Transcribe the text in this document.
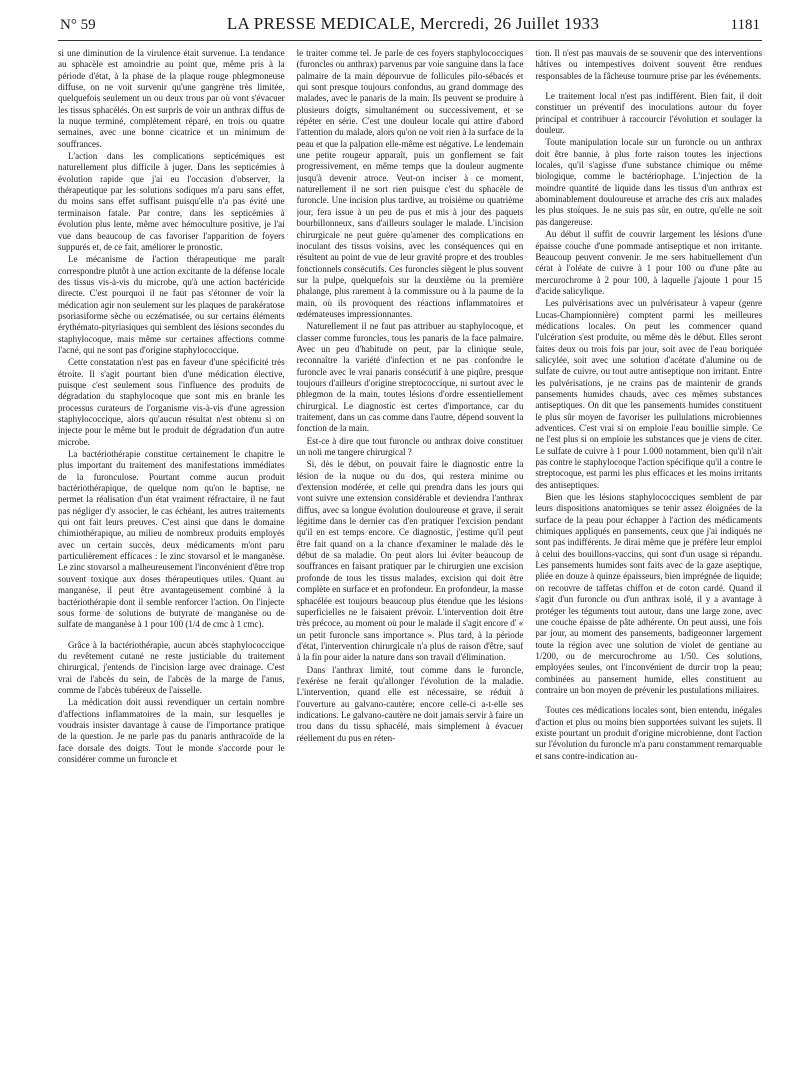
N° 59	LA PRESSE MEDICALE, Mercredi, 26 Juillet 1933	1181

si une diminution de la virulence était survenue. La tendance au sphacèle est amoindrie au point que, même pris à la période d'état, à la phase de la plaque rouge phlegmoneuse diffuse, on ne voit survenir qu'une gangrène très limitée, quelquefois seulement un ou deux trous par où vont s'évacuer les tissus sphacélés. On est surpris de voir un anthrax diffus de la nuque terminé, complètement réparé, en trois ou quatre semaines, avec une bonne cicatrice et un minimum de souffrances.

L'action dans les complications septicémiques est naturellement plus difficile à juger. Dans les septicémies à évolution rapide que j'ai eu l'occasion d'observer, la thérapeutique par les solutions sodiques m'a paru sans effet, du moins sans effet suffisant puisqu'elle n'a pas évité une terminaison fatale. Par contre, dans les septicémies à évolution plus lente, même avec hémoculture positive, je l'ai vue dans beaucoup de cas favoriser l'apparition de foyers suppurés et, de ce fait, améliorer le pronostic.

Le mécanisme de l'action thérapeutique me paraît correspondre plutôt à une action excitante de la défense locale des tissus vis-à-vis du microbe, qu'à une action bactéricide directe. C'est pourquoi il ne faut pas s'étonner de voir la médication agir non seulement sur les plaques de parakératose psoriasiforme sèche ou eczématisée, ou sur certains éléments érythémato-pityriasiques qui semblent des lésions secondes du staphylocoque, mais même sur certaines affections comme l'acné, qui ne sont pas d'origine staphylococcique.

Cette constatation n'est pas en faveur d'une spécificité très étroite. Il s'agit pourtant bien d'une médication élective, puisque c'est seulement sous l'influence des produits de dégradation du staphylocoque que sont mis en branle les processus curateurs de l'organisme vis-à-vis d'une agression staphylococcique, alors qu'aucun résultat n'est obtenu si on injecte pour le même but le produit de dégradation d'un autre microbe.

La bactériothérapie constitue certainement le chapitre le plus important du traitement des manifestations immédiates de la furonculose. Pourtant comme aucun produit bactériothérapique, de quelque nom qu'on le baptise, ne permet la réalisation d'un état vraiment réfractaire, il ne faut pas négliger d'y associer, le cas échéant, les autres traitements qui ont fait leurs preuves. C'est ainsi que dans le domaine chimiothérapique, au milieu de nombreux produits employés avec un certain succès, deux médicaments m'ont paru particulièrement efficaces : le zinc stovarsol et le manganèse. Le zinc stovarsol a malheureusement l'inconvénient d'être trop souvent toxique aux doses thérapeutiques utiles. Quant au manganèse, il peut être avantageusement combiné à la bactériothérapie dont il semble renforcer l'action. On l'injecte sous forme de solutions de butyrate de manganèse ou de sulfate de manganèse à 1 pour 100 (1/4 de cmc à 1 cmc).

Grâce à la bactériothérapie, aucun abcès staphylococcique du revêtement cutané ne reste justiciable du traitement chirurgical, j'entends de l'incision large avec drainage. C'est vrai de l'abcès du sein, de l'abcès de la marge de l'anus, comme de l'abcès tubéreux de l'aisselle.

La médication doit aussi revendiquer un certain nombre d'affections inflammatoires de la main, sur lesquelles je voudrais insister davantage à cause de l'importance pratique de la question. Je ne parle pas du panaris anthracoïde de la face dorsale des doigts. Tout le monde s'accorde pour le considérer comme un furoncle et

le traiter comme tel. Je parle de ces foyers staphylococciques (furoncles ou anthrax) parvenus par voie sanguine dans la face palmaire de la main dépourvue de follicules pilo-sébacés et qui sont presque toujours confondus, au grand dommage des malades, avec le panaris de la main. Ils peuvent se produire à plusieurs doigts, simultanément ou successivement, et se répéter en série. C'est une douleur locale qui attire d'abord l'attention du malade, alors qu'on ne voit rien à la surface de la peau et que la palpation elle-même est négative. Le lendemain une petite rougeur apparaît, puis un gonflement se fait progressivement, en même temps que la douleur augmente jusqu'à devenir atroce. Veut-on inciser à ce moment, naturellement il ne sort rien puisque c'est du sphacèle de furoncle. Une incision plus tardive, au troisième ou quatrième jour, fera issue à un peu de pus et mis à jour des paquets bourbillonneux, sans d'ailleurs soulager le malade. L'incision chirurgicale ne peut guère qu'amener des complications en inoculant des tissus voisins, avec les conséquences qui en résultent au point de vue de leur gravité propre et des troubles fonctionnels consécutifs. Ces furoncles siègent le plus souvent sur la pulpe, quelquefois sur la deuxième ou la première phalange, plus rarement à la commissure ou à la paume de la main, où ils provoquent des réactions inflammatoires et œdémateuses impressionnantes.

Naturellement il ne faut pas attribuer au staphylocoque, et classer comme furoncles, tous les panaris de la face palmaire. Avec un peu d'habitude on peut, par la clinique seule, reconnaître la variété d'infection et ne pas confondre le furoncle avec le vrai panaris consécutif à une piqûre, presque toujours d'ailleurs d'origine streptococcique, ni surtout avec le phlegmon de la main, toutes lésions d'ordre essentiellement chirurgical. Le diagnostic est certes d'importance, car du traitement, dans un cas comme dans l'autre, dépend souvent la fonction de la main.

Est-ce à dire que tout furoncle ou anthrax doive constituer un noli me tangere chirurgical ?

Si, dès le début, on pouvait faire le diagnostic entre la lésion de la nuque ou du dos, qui restera minime ou d'extension modérée, et celle qui prendra dans les jours qui vont suivre une extension considérable et deviendra l'anthrax diffus, avec sa longue évolution douloureuse et grave, il serait légitime dans le dernier cas d'en pratiquer l'excision pendant qu'il en est temps encore. Ce diagnostic, j'estime qu'il peut être fait quand on a la chance d'examiner le malade dès le début de sa maladie. On peut alors lui éviter beaucoup de souffrances en faisant pratiquer par le chirurgien une excision profonde de tous les tissus malades, excision qui doit être complète en surface et en profondeur. En profondeur, la masse sphacélée est toujours beaucoup plus étendue que les lésions superficielles ne le faisaient prévoir. L'intervention doit être très précoce, au moment où pour le malade il s'agit encore d' « un petit furoncle sans importance ». Plus tard, à la période d'état, l'intervention chirurgicale n'a plus de raison d'être, sauf à la fin pour aider la nature dans son travail d'élimination.

Dans l'anthrax limité, tout comme dans le furoncle, l'exérèse ne ferait qu'allonger l'évolution de la maladie. L'intervention, quand elle est nécessaire, se réduit à l'ouverture au galvano-cautère; encore celle-ci a-t-elle ses indications. Le galvano-cautère ne doit jamais servir à faire un trou dans du tissu sphacélé, mais simplement à évacuer réellement du pus en réten-

tion. Il n'est pas mauvais de se souvenir que des interventions hâtives ou intempestives doivent souvent être rendues responsables de la fâcheuse tournure prise par les événements.

Le traitement local n'est pas indifférent. Bien fait, il doit constituer un préventif des inoculations autour du foyer principal et contribuer à raccourcir l'évolution et soulager la douleur.

Toute manipulation locale sur un furoncle ou un anthrax doit être bannie, à plus forte raison toutes les injections locales, qu'il s'agisse d'une substance chimique ou même biologique, comme le bactériophage. L'injection de la moindre quantité de liquide dans les tissus d'un anthrax est abominablement douloureuse et arrache des cris aux malades les plus stoïques. Je ne suis pas sûr, en outre, qu'elle ne soit pas dangereuse.

Au début il suffit de couvrir largement les lésions d'une épaisse couche d'une pommade antiseptique et non irritante. Beaucoup peuvent convenir. Je me sers habituellement d'un cérat à l'oléate de cuivre à 1 pour 100 ou d'une pâte au mercurochrome à 2 pour 100, à laquelle j'ajoute 1 pour 15 d'acide salicylique.

Les pulvérisations avec un pulvérisateur à vapeur (genre Lucas-Championnière) comptent parmi les meilleures médications locales. On peut les commencer quand l'ulcération s'est produite, ou même dès le début. Elles seront faites deux ou trois fois par jour, soit avec de l'eau boriquée salicylée, soit avec une solution d'acétate d'alumine ou de sulfate de cuivre, ou tout autre antiseptique non irritant. Entre les pulvérisations, je ne crains pas de maintenir de grands pansements humides chauds, avec ces mêmes substances antiseptiques. On dit que les pansements humides constituent le plus sûr moyen de favoriser les pullulations microbiennes adventices. C'est vrai si on emploie l'eau bouillie simple. Ce ne l'est plus si on emploie les substances que je viens de citer. Le sulfate de cuivre à 1 pour 1.000 notamment, bien qu'il n'ait pas contre le staphylocoque l'action spécifique qu'il a contre le streptocoque, est parmi les plus efficaces et les moins irritants des antiseptiques.

Bien que les lésions staphylococciques semblent de par leurs dispositions anatomiques se tenir assez éloignées de la surface de la peau pour échapper à l'action des médicaments chimiques appliqués en pansements, ceux que j'ai indiqués ne sont pas indifférents. Je dirai même que je préfère leur emploi à celui des bouillons-vaccins, qui sont d'un usage si répandu. Les pansements humides sont faits avec de la gaze aseptique, pliée en douze à quinze épaisseurs, bien imprégnée de liquide; on recouvre de taffetas chiffon et de coton cardé. Quand il s'agit d'un furoncle ou d'un anthrax isolé, il y a avantage à protéger les téguments tout autour, dans une large zone, avec une couche épaisse de pâte adhérente. On peut aussi, une fois par jour, au moment des pansements, badigeonner largement toute la région avec une solution de violet de gentiane au 1/200, ou de mercurochrome au 1/50. Ces solutions, employées seules, ont l'inconvénient de durcir trop la peau; combinées au pansement humide, elles constituent au contraire un bon moyen de prévenir les pustulations miliaires.

Toutes ces médications locales sont, bien entendu, inégales d'action et plus ou moins bien supportées suivant les sujets. Il existe pourtant un produit d'origine microbienne, dont l'action sur l'évolution du furoncle m'a paru constamment remarquable et sans contre-indication au-
